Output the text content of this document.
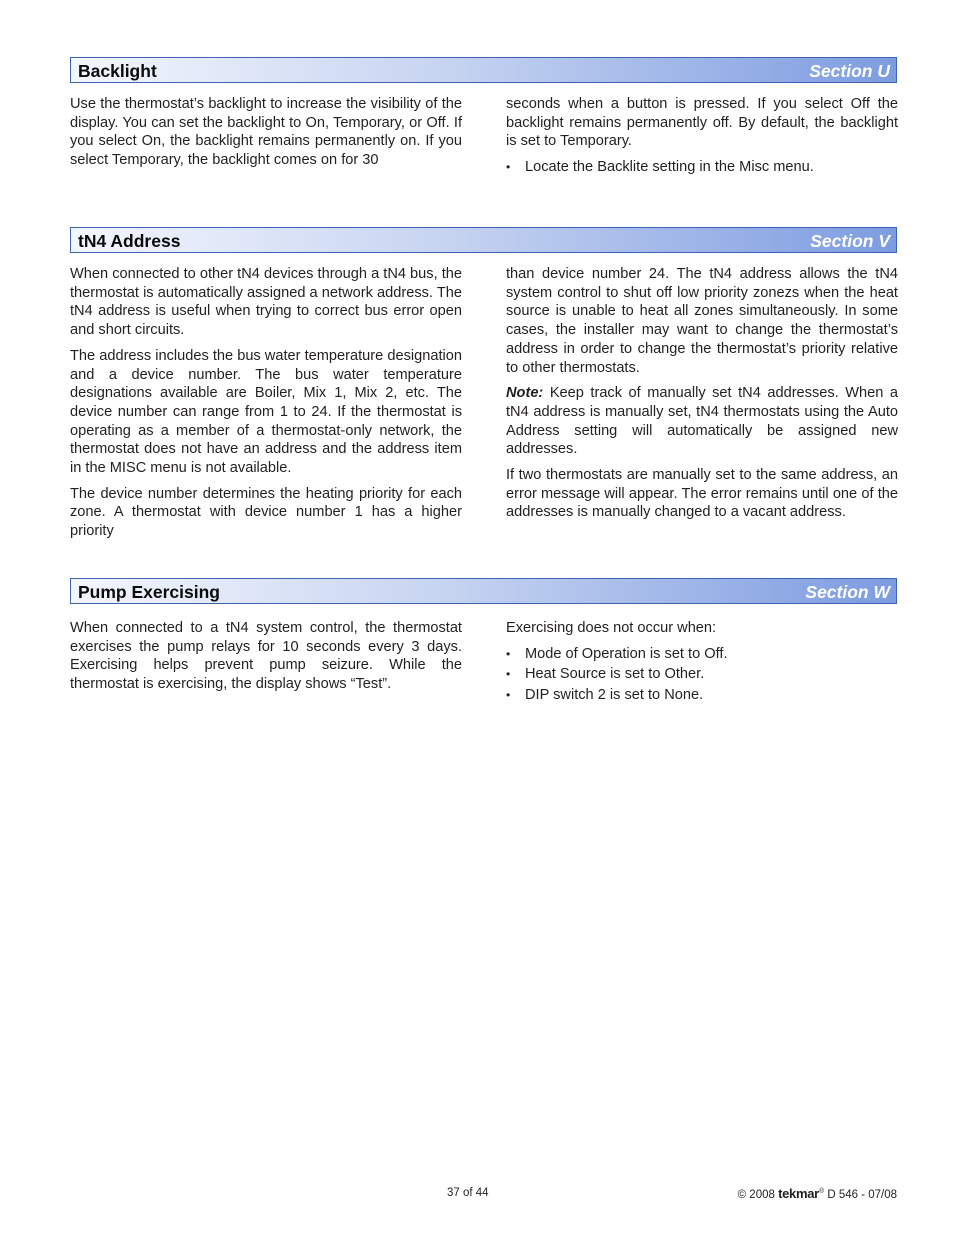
Backlight	Section U

Use the thermostat’s backlight to increase the visibility of the display. You can set the backlight to On, Temporary, or Off. If you select On, the backlight remains permanently on. If you select Temporary, the backlight comes on for 30

seconds when a button is pressed. If you select Off the backlight remains permanently off. By default, the backlight is set to Temporary.

• Locate the Backlite setting in the Misc menu.
tN4 Address	Section V

When connected to other tN4 devices through a tN4 bus, the thermostat is automatically assigned a network address. The tN4 address is useful when trying to correct bus error open and short circuits.

The address includes the bus water temperature designation and a device number. The bus water temperature designations available are Boiler, Mix 1, Mix 2, etc. The device number can range from 1 to 24. If the thermostat is operating as a member of a thermostat-only network, the thermostat does not have an address and the address item in the MISC menu is not available.

The device number determines the heating priority for each zone. A thermostat with device number 1 has a higher priority

than device number 24. The tN4 address allows the tN4 system control to shut off low priority zonezs when the heat source is unable to heat all zones simultaneously. In some cases, the installer may want to change the thermostat’s address in order to change the thermostat’s priority relative to other thermostats.

Note: Keep track of manually set tN4 addresses. When a tN4 address is manually set, tN4 thermostats using the Auto Address setting will automatically be assigned new addresses.

If two thermostats are manually set to the same address, an error message will appear. The error remains until one of the addresses is manually changed to a vacant address.

Pump Exercising	Section W

When connected to a tN4 system control, the thermostat exercises the pump relays for 10 seconds every 3 days. Exercising helps prevent pump seizure. While the thermostat is exercising, the display shows “Test”.

Exercising does not occur when:

• Mode of Operation is set to Off.
• Heat Source is set to Other.
• DIP switch 2 is set to None.
37 of 44	© 2008 tekmar® D 546 - 07/08
